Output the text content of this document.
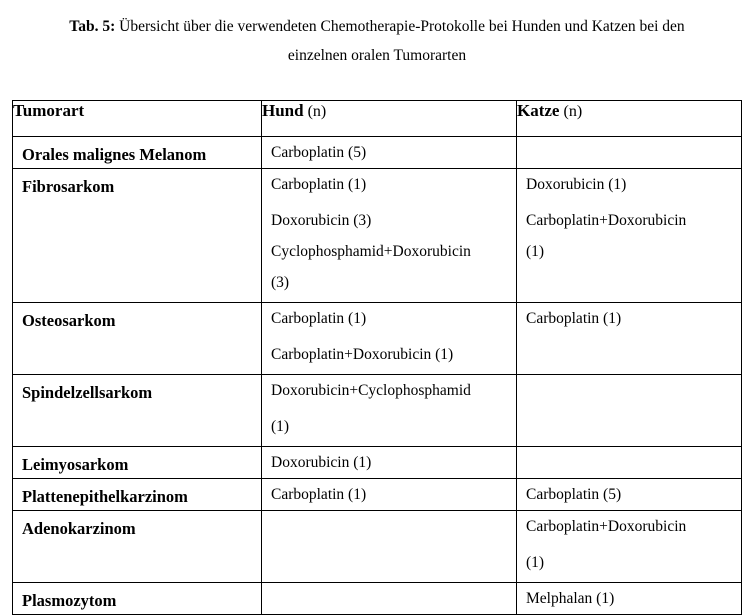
Tab. 5: Übersicht über die verwendeten Chemotherapie-Protokolle bei Hunden und Katzen bei den
einzelnen oralen Tumorarten
Tumorart	Hund (n)	Katze (n)
Orales malignes Melanom	Carboplatin (5)	

Fibrosarkom	Carboplatin (1)
Doxorubicin (3)
Cyclophosphamid+Doxorubicin
(3)	Doxorubicin (1)
Carboplatin+Doxorubicin
(1)

Osteosarkom	Carboplatin (1)
Carboplatin+Doxorubicin (1)	Carboplatin (1)

Spindelzellsarkom	Doxorubicin+Cyclophosphamid
(1)	

Leimyosarkom	Doxorubicin (1)	

Plattenepithelkarzinom	Carboplatin (1)	Carboplatin (5)

Adenokarzinom		Carboplatin+Doxorubicin
(1)

Plasmozytom		Melphalan (1)
